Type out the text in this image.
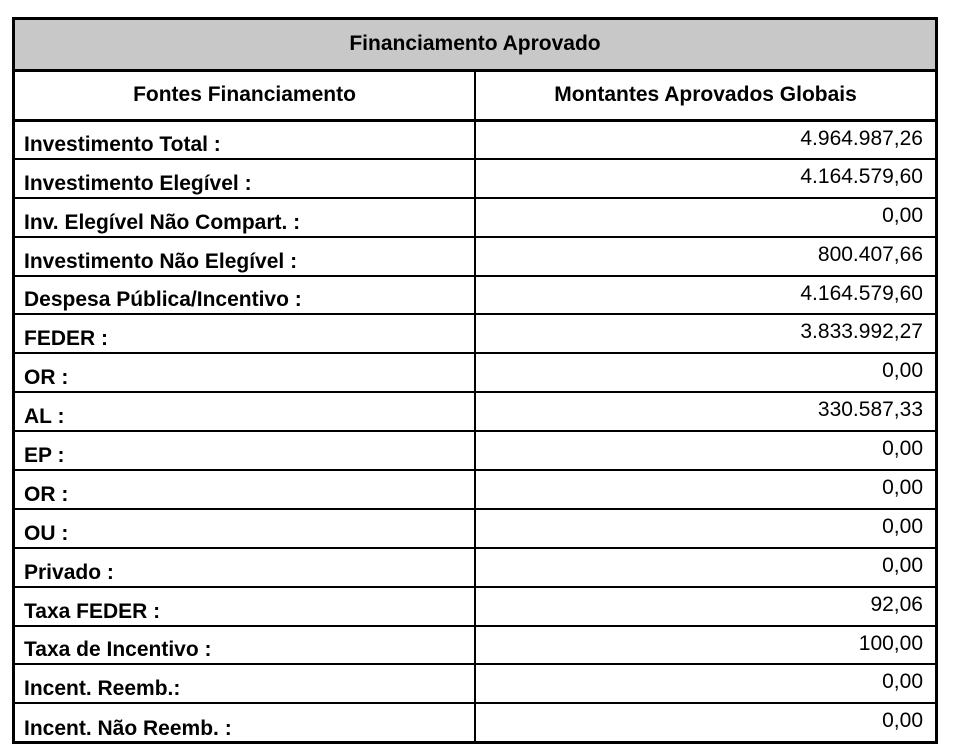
Financiamento Aprovado	
Fontes Financiamento	Montantes Aprovados Globais
Investimento Total :	4.964.987,26
Investimento Elegível :	4.164.579,60
Inv. Elegível Não Compart. :	0,00
Investimento Não Elegível :	800.407,66
Despesa Pública/Incentivo :	4.164.579,60
FEDER :	3.833.992,27
OR :	0,00
AL :	330.587,33
EP :	0,00
OR :	0,00
OU :	0,00
Privado :	0,00
Taxa FEDER :	92,06
Taxa de Incentivo :	100,00
Incent. Reemb.:	0,00
Incent. Não Reemb. :	0,00
